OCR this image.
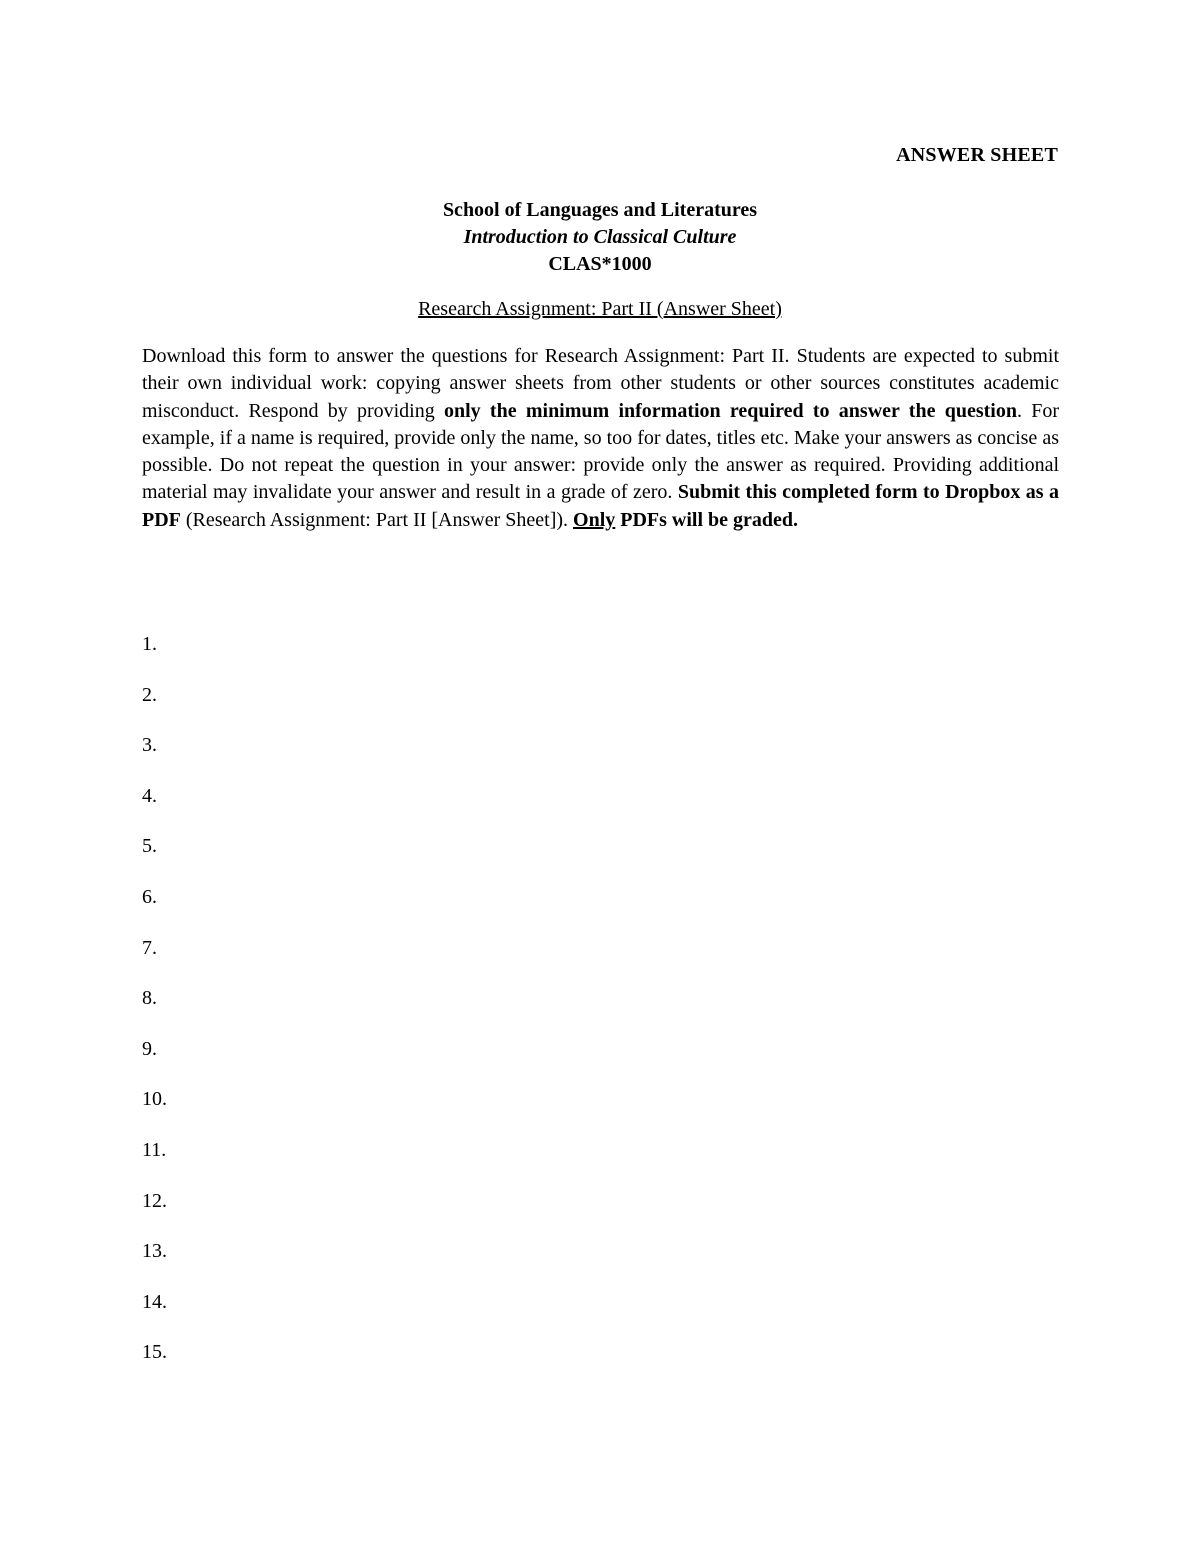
ANSWER SHEET
School of Languages and Literatures
Introduction to Classical Culture
CLAS*1000
Research Assignment: Part II (Answer Sheet)
Download this form to answer the questions for Research Assignment: Part II. Students are expected to submit their own individual work: copying answer sheets from other students or other sources constitutes academic misconduct. Respond by providing only the minimum information required to answer the question. For example, if a name is required, provide only the name, so too for dates, titles etc. Make your answers as concise as possible. Do not repeat the question in your answer: provide only the answer as required. Providing additional material may invalidate your answer and result in a grade of zero. Submit this completed form to Dropbox as a PDF (Research Assignment: Part II [Answer Sheet]). Only PDFs will be graded.
1.
2.
3.
4.
5.
6.
7.
8.
9.
10.
11.
12.
13.
14.
15.
